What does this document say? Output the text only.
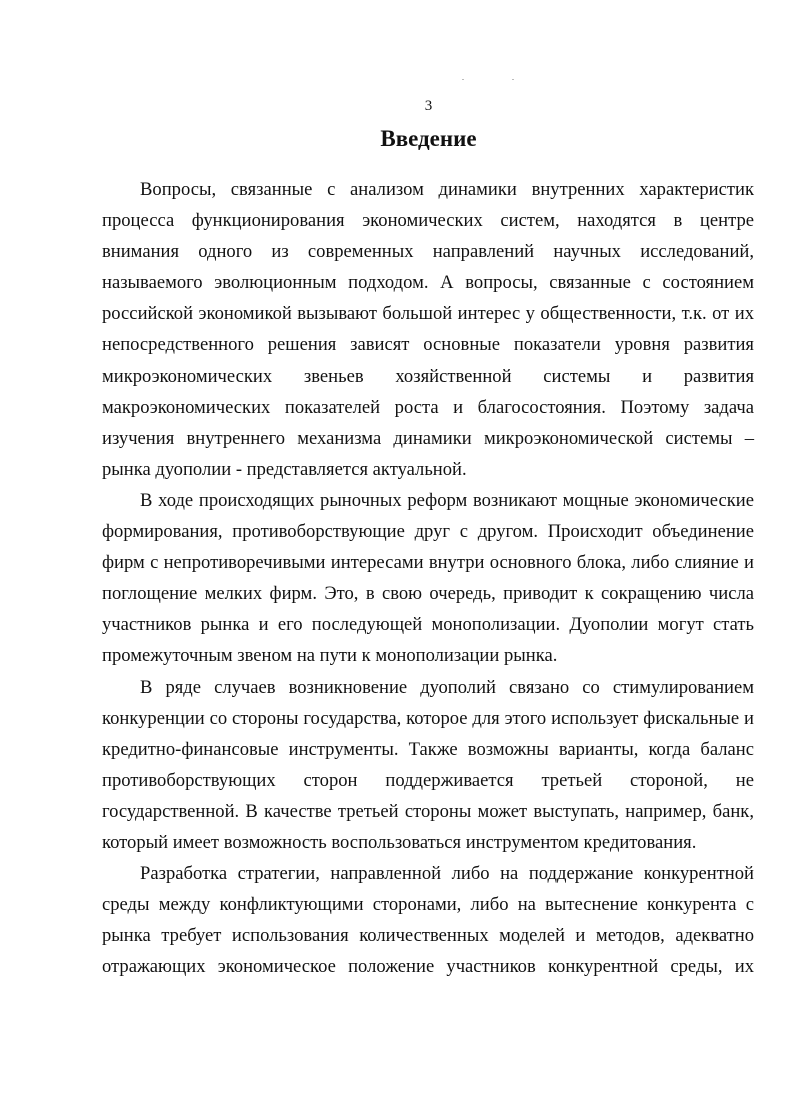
3
Введение

Вопросы, связанные с анализом динамики внутренних характеристик процесса функционирования экономических систем, находятся в центре внимания одного из современных направлений научных исследований, называемого эволюционным подходом. А вопросы, связанные с состоянием российской экономикой вызывают большой интерес у общественности, т.к. от их непосредственного решения зависят основные показатели уровня развития микроэкономических звеньев хозяйственной системы и развития макроэкономических показателей роста и благосостояния. Поэтому задача изучения внутреннего механизма динамики микроэкономической системы – рынка дуополии - представляется актуальной.

В ходе происходящих рыночных реформ возникают мощные экономические формирования, противоборствующие друг с другом. Происходит объединение фирм с непротиворечивыми интересами внутри основного блока, либо слияние и поглощение мелких фирм. Это, в свою очередь, приводит к сокращению числа участников рынка и его последующей монополизации. Дуополии могут стать промежуточным звеном на пути к монополизации рынка.

В ряде случаев возникновение дуополий связано со стимулированием конкуренции со стороны государства, которое для этого использует фискальные и кредитно-финансовые инструменты. Также возможны варианты, когда баланс противоборствующих сторон поддерживается третьей стороной, не государственной. В качестве третьей стороны может выступать, например, банк, который имеет возможность воспользоваться инструментом кредитования.

Разработка стратегии, направленной либо на поддержание конкурентной среды между конфликтующими сторонами, либо на вытеснение конкурента с рынка требует использования количественных моделей и методов, адекватно отражающих экономическое положение участников конкурентной среды, их
